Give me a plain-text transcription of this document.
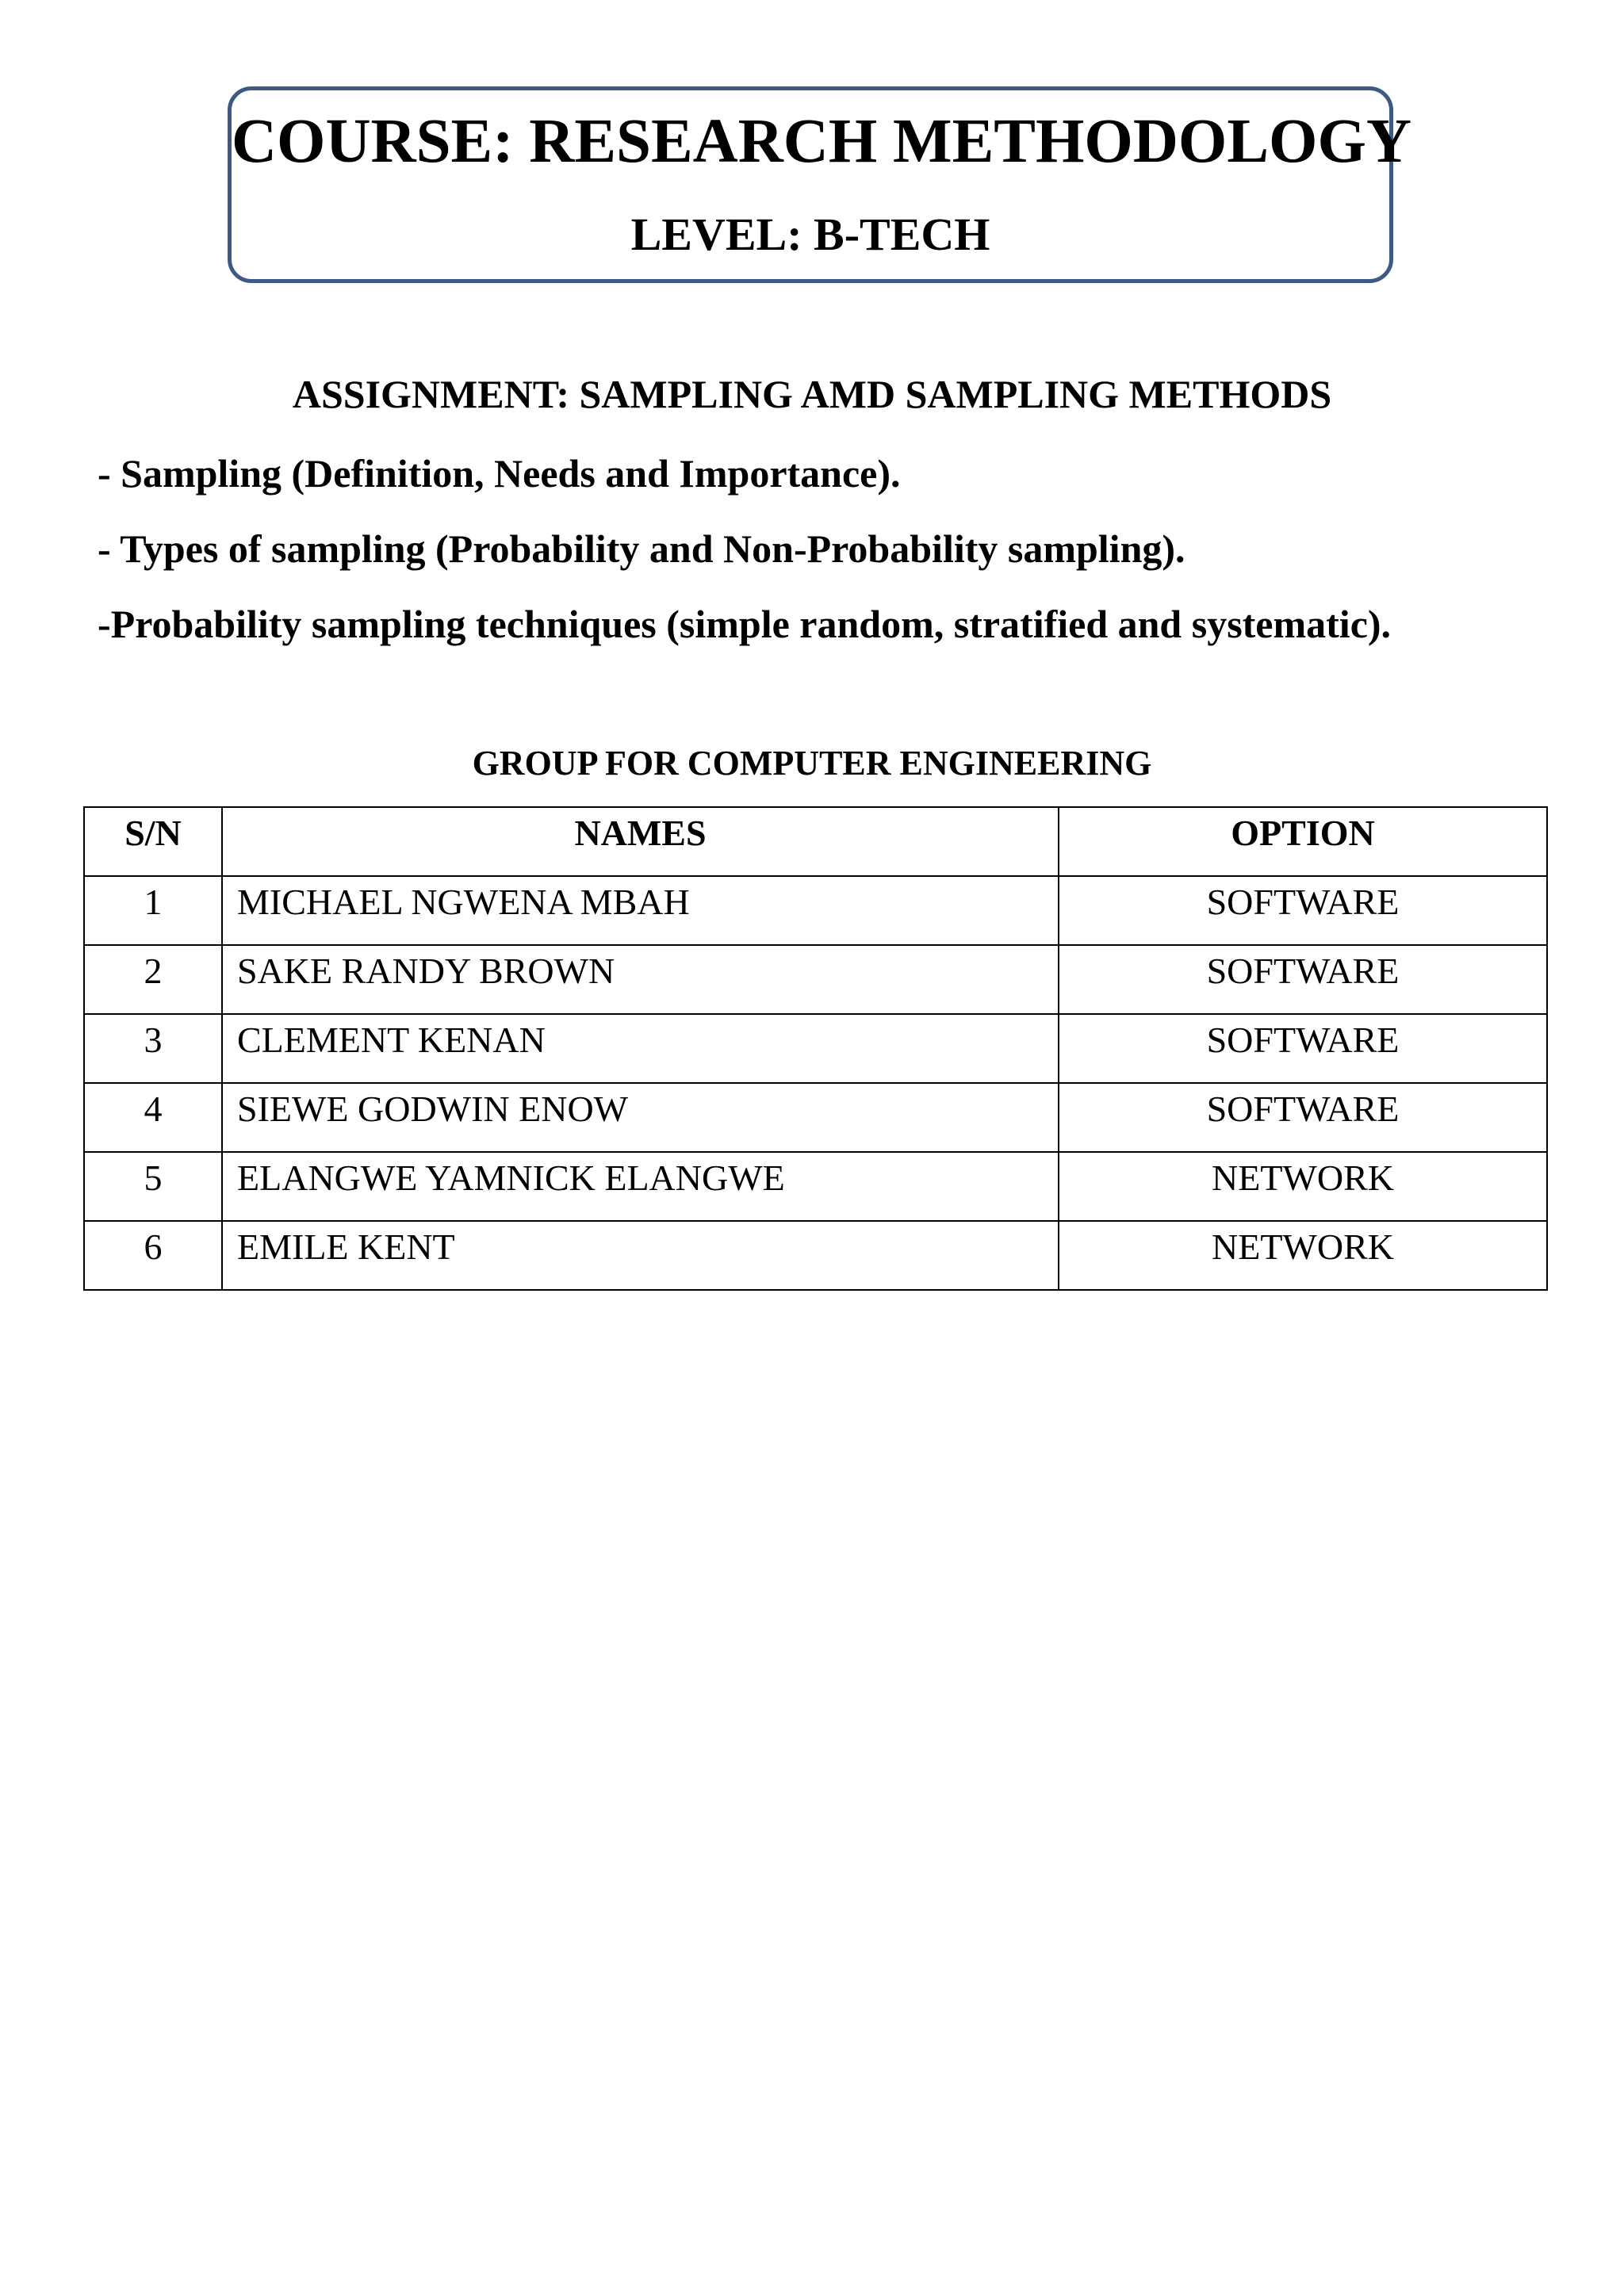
COURSE: RESEARCH METHODOLOGY
LEVEL: B-TECH
ASSIGNMENT: SAMPLING AMD SAMPLING METHODS
- Sampling (Definition, Needs and Importance).
- Types of sampling (Probability and Non-Probability sampling).
-Probability sampling techniques (simple random, stratified and systematic).
GROUP FOR COMPUTER ENGINEERING
S/N	NAMES	OPTION
1	MICHAEL NGWENA MBAH	SOFTWARE
2	SAKE RANDY BROWN	SOFTWARE
3	CLEMENT KENAN	SOFTWARE
4	SIEWE GODWIN ENOW	SOFTWARE
5	ELANGWE YAMNICK ELANGWE	NETWORK
6	EMILE KENT	NETWORK
